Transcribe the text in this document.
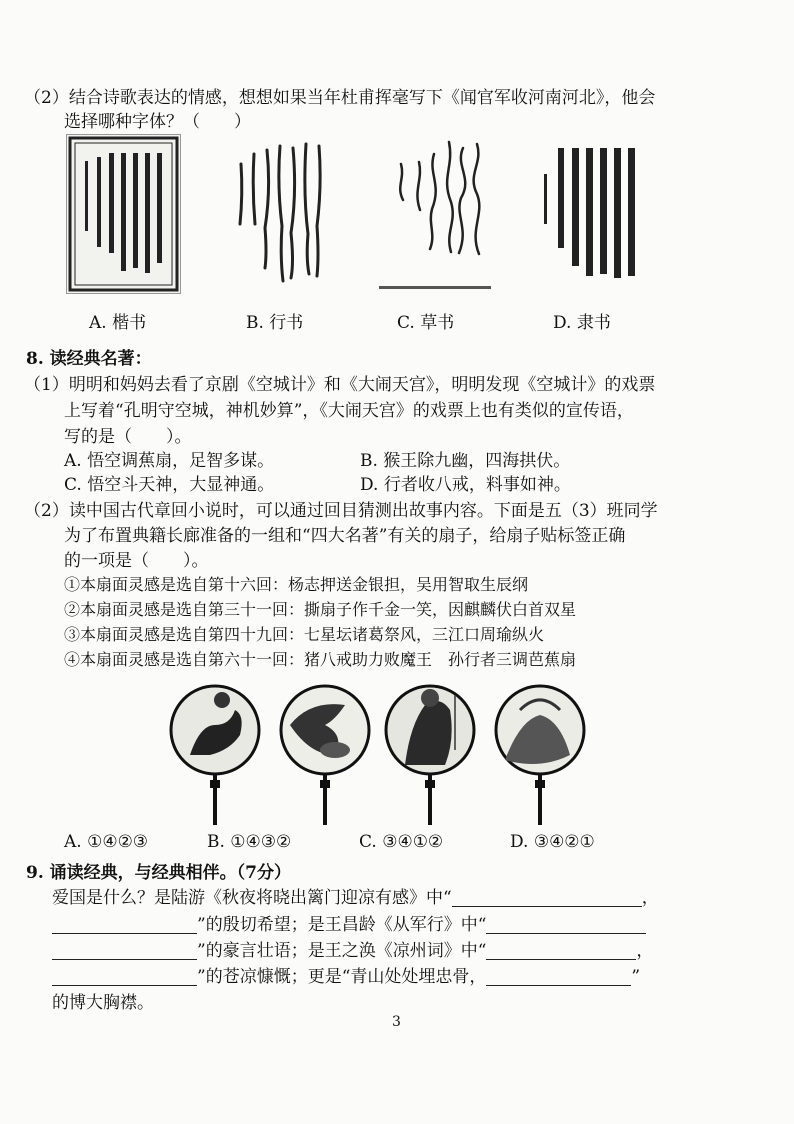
（2）结合诗歌表达的情感，想想如果当年杜甫挥毫写下《闻官军收河南河北》，他会
选择哪种字体？（　　）
A. 楷书	B. 行书	C. 草书	D. 隶书
8. 读经典名著：
（1）明明和妈妈去看了京剧《空城计》和《大闹天宫》，明明发现《空城计》的戏票
上写着“孔明守空城，神机妙算”，《大闹天宫》的戏票上也有类似的宣传语，
写的是（　　）。
A. 悟空调蕉扇，足智多谋。	B. 猴王除九幽，四海拱伏。
C. 悟空斗天神，大显神通。	D. 行者收八戒，料事如神。
（2）读中国古代章回小说时，可以通过回目猜测出故事内容。下面是五（3）班同学
为了布置典籍长廊准备的一组和“四大名著”有关的扇子，给扇子贴标签正确
的一项是（　　）。
①本扇面灵感是选自第十六回：杨志押送金银担，吴用智取生辰纲
②本扇面灵感是选自第三十一回：撕扇子作千金一笑，因麒麟伏白首双星
③本扇面灵感是选自第四十九回：七星坛诸葛祭风，三江口周瑜纵火
④本扇面灵感是选自第六十一回：猪八戒助力败魔王　孙行者三调芭蕉扇
A. ①④②③	B. ①④③②	C. ③④①②	D. ③④②①
9. 诵读经典，与经典相伴。（7分）
爱国是什么？是陆游《秋夜将晓出篱门迎凉有感》中“	，
”的殷切希望；是王昌龄《从军行》中“
”的豪言壮语；是王之涣《凉州词》中“	，
”的苍凉慷慨；更是“青山处处埋忠骨，	”
的博大胸襟。
3
